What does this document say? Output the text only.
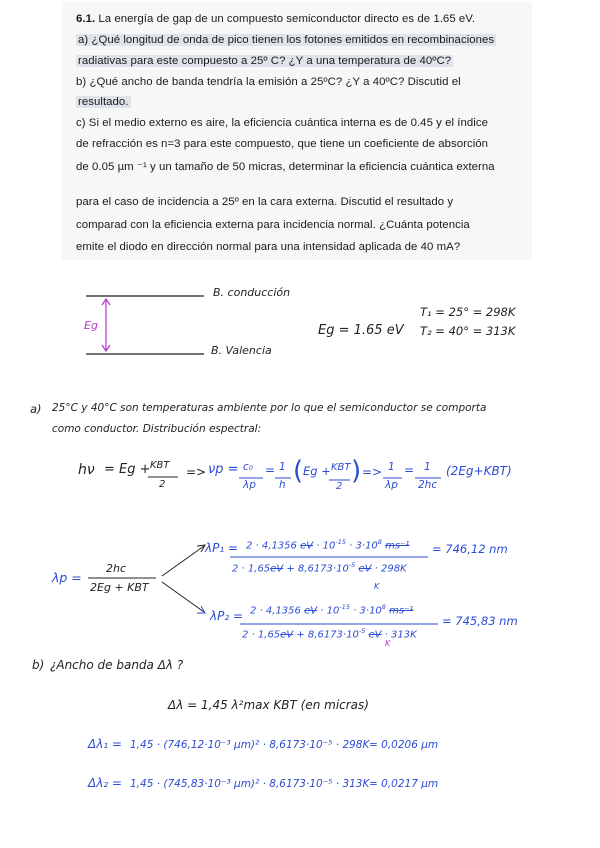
6.1. La energía de gap de un compuesto semiconductor directo es de 1.65 eV.
a) ¿Qué longitud de onda de pico tienen los fotones emitidos en recombinaciones
radiativas para este compuesto a 25º C? ¿Y a una temperatura de 40ºC?
b) ¿Qué ancho de banda tendría la emisión a 25ºC? ¿Y a 40ºC? Discutid el
resultado.
c) Si el medio externo es aire, la eficiencia cuántica interna es de 0.45 y el índice
de refracción es n=3 para este compuesto, que tiene un coeficiente de absorción
de 0.05 µm ⁻¹ y un tamaño de 50 micras, determinar la eficiencia cuántica externa
para el caso de incidencia a 25º en la cara externa. Discutid el resultado y
comparad con la eficiencia externa para incidencia normal. ¿Cuánta potencia
emite el diodo en dirección normal para una intensidad aplicada de 40 mA?
B. conducción
B. Valencia
Eg	Eg = 1.65 eV
T₁ = 25° = 298K
T₂ = 40° = 313K
a) 25°C y 40°C son temperaturas ambiente por lo que el semiconductor se comporta
como conductor. Distribución espectral:
hν = Eg + KBT
2
=> νp = c₀
λp
= 1
h ( Eg + KBT
2
) => 1
λp
= 1
2hc
(2Eg+KBT)
λp =
2hc
2Eg + KBT
λP₁ = 2 · 4,1356 eV · $10^{-15} \cdot 3\cdot 10^8$ ms⁻¹
$2 \cdot 1,65eV + 8,6173\cdot 10^{-5}$ eV · 298K
K
= 746,12 nm
λP₂ = 2 · 4,1356 eV · $10^{-15} \cdot 3\cdot 10^8$ ms⁻¹
$2 \cdot 1,65eV + 8,6173\cdot 10^{-5}$ eV · 313K
K
= 745,83 nm
b) ¿Ancho de banda Δλ ?
Δλ = 1,45 λ²max KBT (en micras)
Δλ₁ = 1,45 · (746,12·10⁻³ µm)² · 8,6173·10⁻⁵ · 298K = 0,0206 µm
Δλ₂ = 1,45 · (745,83·10⁻³ µm)² · 8,6173·10⁻⁵ · 313K = 0,0217 µm
